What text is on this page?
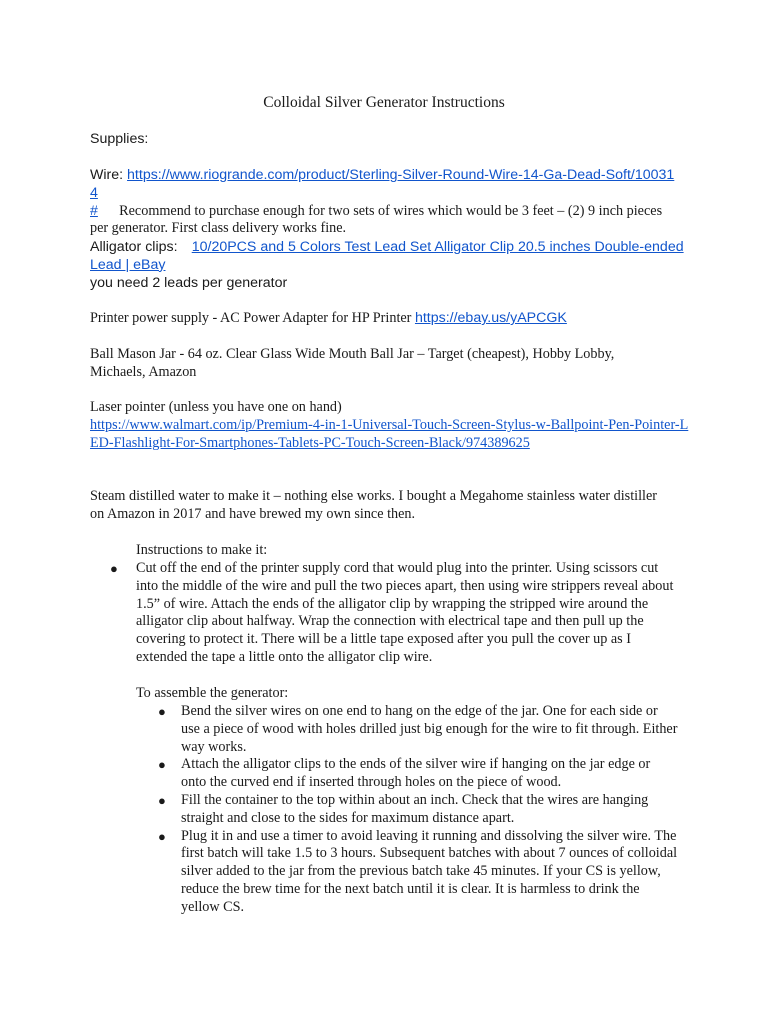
Colloidal Silver Generator Instructions

Supplies:

Wire: https://www.riogrande.com/product/Sterling-Silver-Round-Wire-14-Ga-Dead-Soft/100314
# Recommend to purchase enough for two sets of wires which would be 3 feet – (2) 9 inch pieces per generator. First class delivery works fine.

Alligator clips: 10/20PCS and 5 Colors Test Lead Set Alligator Clip 20.5 inches Double-ended Lead | eBay
you need 2 leads per generator

Printer power supply - AC Power Adapter for HP Printer https://ebay.us/yAPCGK

Ball Mason Jar - 64 oz. Clear Glass Wide Mouth Ball Jar – Target (cheapest), Hobby Lobby, Michaels, Amazon

Laser pointer (unless you have one on hand)
https://www.walmart.com/ip/Premium-4-in-1-Universal-Touch-Screen-Stylus-w-Ballpoint-Pen-Pointer-LED-Flashlight-For-Smartphones-Tablets-PC-Touch-Screen-Black/974389625

Steam distilled water to make it – nothing else works. I bought a Megahome stainless water distiller on Amazon in 2017 and have brewed my own since then.

Instructions to make it:

● Cut off the end of the printer supply cord that would plug into the printer. Using scissors cut into the middle of the wire and pull the two pieces apart, then using wire strippers reveal about 1.5” of wire. Attach the ends of the alligator clip by wrapping the stripped wire around the alligator clip about halfway. Wrap the connection with electrical tape and then pull up the covering to protect it. There will be a little tape exposed after you pull the cover up as I extended the tape a little onto the alligator clip wire.

To assemble the generator:

● Bend the silver wires on one end to hang on the edge of the jar. One for each side or use a piece of wood with holes drilled just big enough for the wire to fit through. Either way works.
● Attach the alligator clips to the ends of the silver wire if hanging on the jar edge or onto the curved end if inserted through holes on the piece of wood.
● Fill the container to the top within about an inch. Check that the wires are hanging straight and close to the sides for maximum distance apart.
● Plug it in and use a timer to avoid leaving it running and dissolving the silver wire. The first batch will take 1.5 to 3 hours. Subsequent batches with about 7 ounces of colloidal silver added to the jar from the previous batch take 45 minutes. If your CS is yellow, reduce the brew time for the next batch until it is clear. It is harmless to drink the yellow CS.
